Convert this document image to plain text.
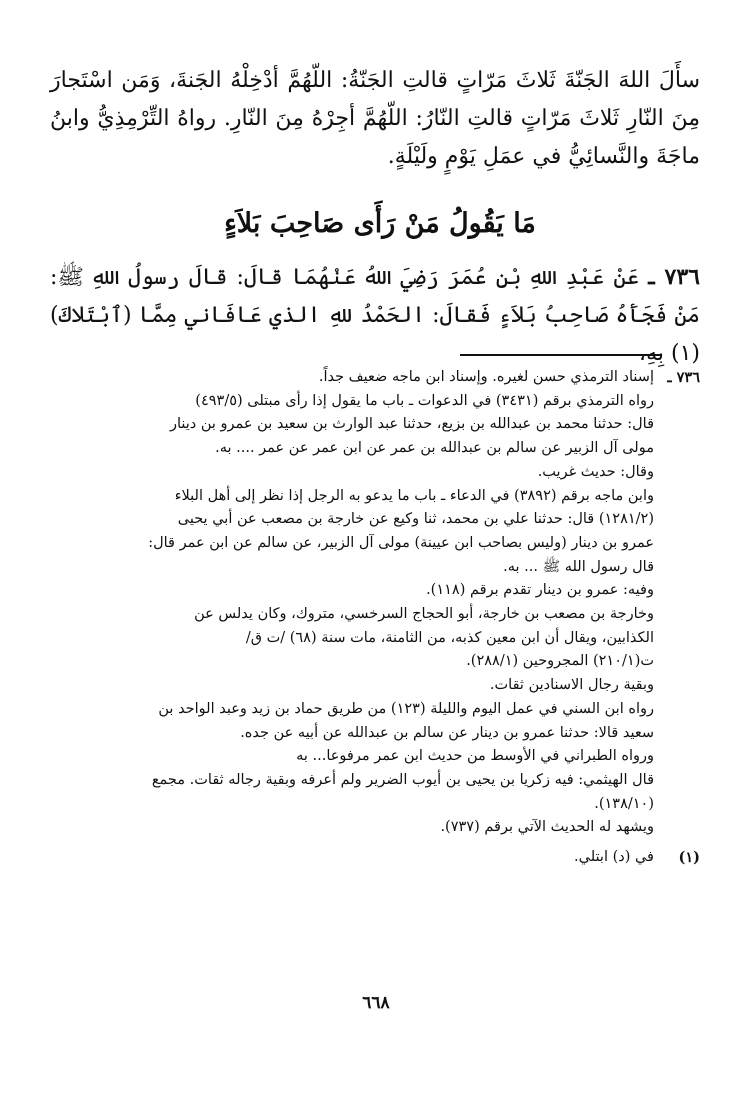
سأَلَ اللهَ الجَنّةَ ثَلاثَ مَرّاتٍ قالتِ الجَنّةُ: اللّهُمَّ أدْخِلْهُ الجَنةَ، وَمَن اسْتَجارَ مِنَ النّارِ ثَلاثَ مَرّاتٍ قالتِ النّارُ: اللّهُمَّ أجِرْهُ مِنَ النّارِ. رواهُ التِّرْمِذِيُّ وابنُ ماجَةَ والنَّسائِيُّ في عمَلِ يَوْمٍ ولَيْلَةٍ.

مَا يَقُولُ مَنْ رَأَى صَاحِبَ بَلاَءٍ

٧٣٦ ـ عَنْ عَبْدِ اللهِ بْنِ عُمَرَ رَضِيَ اللهُ عَنْهُمَا قالَ: قالَ رسولُ اللهِ ﷺ: مَنْ فَجَأَهُ صَاحِبُ بَلاَءٍ فَقالَ: الحَمْدُ للهِ الذي عَافَاني مِمَّا (ٱبْتَلاكَ) (١) بِهِ،

٧٣٦ ـ
إسناد الترمذي حسن لغيره. وإسناد ابن ماجه ضعيف جداً.
رواه الترمذي برقم (٣٤٣١) في الدعوات ـ باب ما يقول إذا رأى مبتلى (٤٩٣/٥)
قال: حدثنا محمد بن عبدالله بن بزيع، حدثنا عبد الوارث بن سعيد بن عمرو بن دينار
مولى آل الزبير عن سالم بن عبدالله بن عمر عن ابن عمر عن عمر .... به.
وقال: حديث غريب.
وابن ماجه برقم (٣٨٩٢) في الدعاء ـ باب ما يدعو به الرجل إذا نظر إلى أهل البلاء
(١٢٨١/٢) قال: حدثنا علي بن محمد، ثنا وكيع عن خارجة بن مصعب عن أبي يحيى
عمرو بن دينار (وليس بصاحب ابن عيينة) مولى آل الزبير، عن سالم عن ابن عمر قال:
قال رسول الله ﷺ ... به.
وفيه: عمرو بن دينار تقدم برقم (١١٨).
وخارجة بن مصعب بن خارجة، أبو الحجاج السرخسي، متروك، وكان يدلس عن
الكذابين، ويقال أن ابن معين كذبه، من الثامنة، مات سنة (٦٨) /ت ق/
ت(٢١٠/١) المجروحين (٢٨٨/١).
وبقية رجال الاسنادين ثقات.
رواه ابن السني في عمل اليوم والليلة (١٢٣) من طريق حماد بن زيد وعبد الواحد بن
سعيد قالا: حدثنا عمرو بن دينار عن سالم بن عبدالله عن أبيه عن جده.
ورواه الطبراني في الأوسط من حديث ابن عمر مرفوعا... به
قال الهيثمي: فيه زكريا بن يحيى بن أيوب الضرير ولم أعرفه وبقية رجاله ثقات. مجمع
(١٣٨/١٠).
ويشهد له الحديث الآتي برقم (٧٣٧).
(١)
في (د) ابتلي.
٦٦٨
